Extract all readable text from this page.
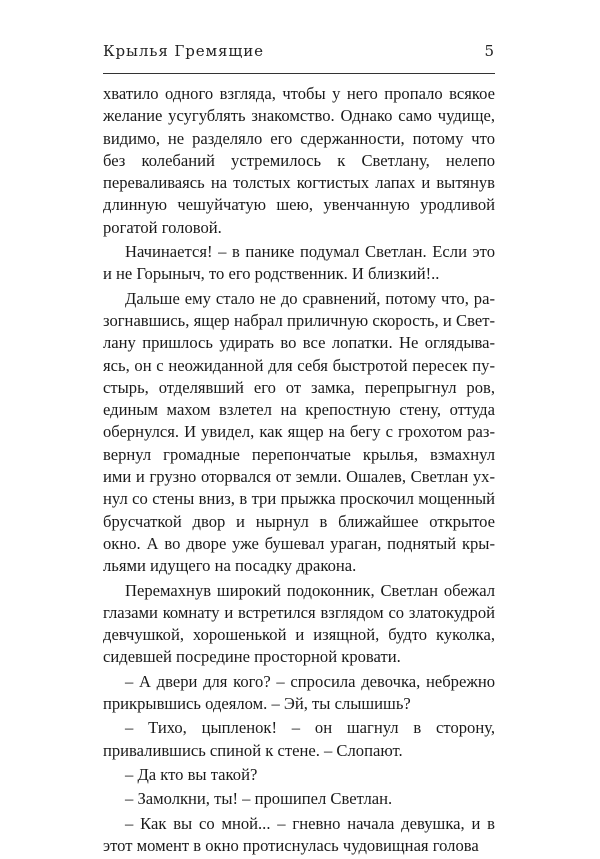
Крылья Гремящие	5

хватило одного взгляда, чтобы у него пропало всякое желание усугублять знакомство. Однако само чудище, видимо, не разделяло его сдержанности, потому что без колебаний устремилось к Светлану, нелепо переваливаясь на толстых когтистых лапах и вытянув длинную чешуйчатую шею, увенчанную уродливой рогатой головой.

Начинается! – в панике подумал Светлан. Если это и не Горыныч, то его родственник. И близкий!..

Дальше ему стало не до сравнений, потому что, разогнавшись, ящер набрал приличную скорость, и Светлану пришлось удирать во все лопатки. Не оглядываясь, он с неожиданной для себя быстротой пересек пустырь, отделявший его от замка, перепрыгнул ров, единым махом взлетел на крепостную стену, оттуда обернулся. И увидел, как ящер на бегу с грохотом развернул громадные перепончатые крылья, взмахнул ими и грузно оторвался от земли. Ошалев, Светлан ухнул со стены вниз, в три прыжка проскочил мощенный брусчаткой двор и нырнул в ближайшее открытое окно. А во дворе уже бушевал ураган, поднятый крыльями идущего на посадку дракона.

Перемахнув широкий подоконник, Светлан обежал глазами комнату и встретился взглядом со златокудрой девчушкой, хорошенькой и изящной, будто куколка, сидевшей посредине просторной кровати.

– А двери для кого? – спросила девочка, небрежно прикрывшись одеялом. – Эй, ты слышишь?

– Тихо, цыпленок! – он шагнул в сторону, привалившись спиной к стене. – Слопают.

– Да кто вы такой?

– Замолкни, ты! – прошипел Светлан.

– Как вы со мной... – гневно начала девушка, и в этот момент в окно протиснулась чудовищная голова
